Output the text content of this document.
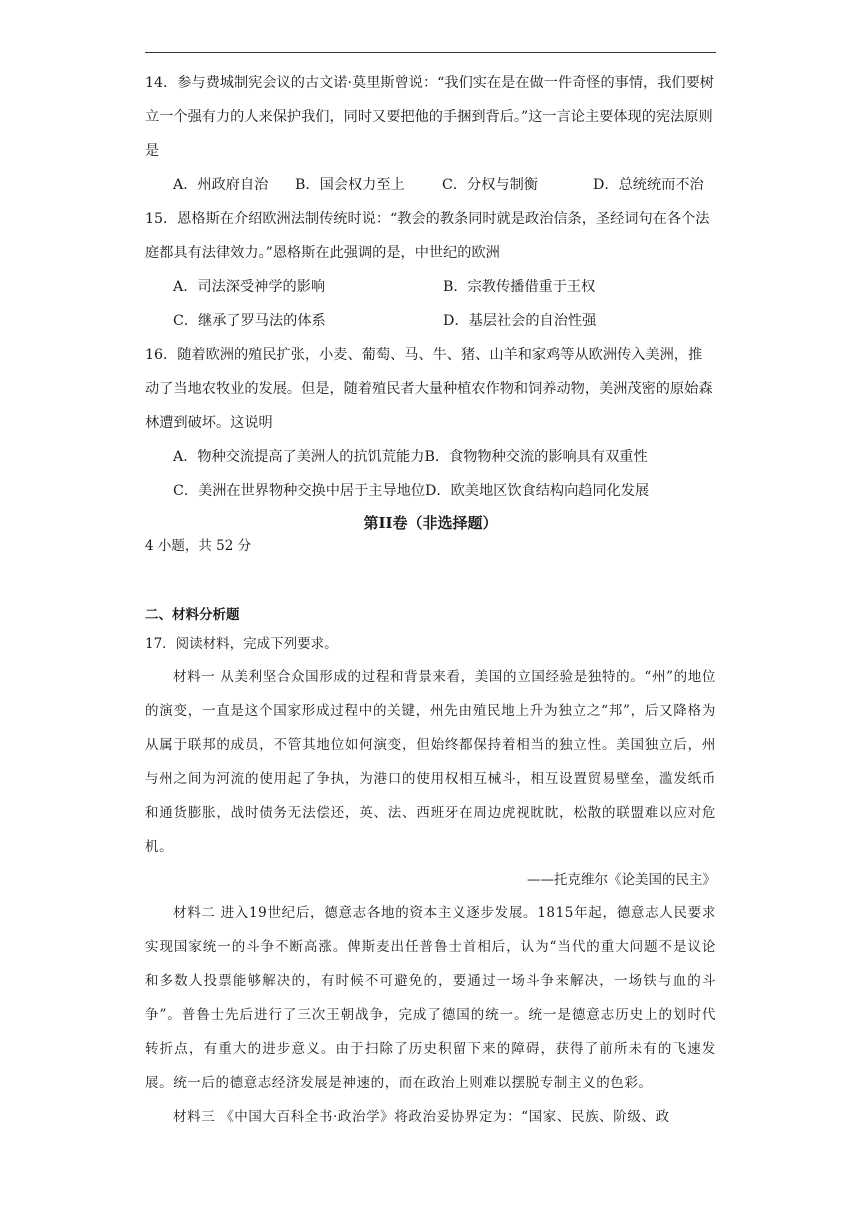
14．参与费城制宪会议的古文诺·莫里斯曾说：“我们实在是在做一件奇怪的事情，我们要树立一个强有力的人来保护我们，同时又要把他的手捆到背后。”这一言论主要体现的宪法原则是

A．州政府自治	B．国会权力至上	C．分权与制衡	D．总统统而不治

15．恩格斯在介绍欧洲法制传统时说：“教会的教条同时就是政治信条，圣经词句在各个法庭都具有法律效力。”恩格斯在此强调的是，中世纪的欧洲

A．司法深受神学的影响	B．宗教传播借重于王权
C．继承了罗马法的体系	D．基层社会的自治性强

16．随着欧洲的殖民扩张，小麦、葡萄、马、牛、猪、山羊和家鸡等从欧洲传入美洲，推动了当地农牧业的发展。但是，随着殖民者大量种植农作物和饲养动物，美洲茂密的原始森林遭到破坏。这说明

A．物种交流提高了美洲人的抗饥荒能力 B．食物物种交流的影响具有双重性
C．美洲在世界物种交换中居于主导地位 D．欧美地区饮食结构向趋同化发展
第II卷（非选择题）
4 小题，共 52 分
二、材料分析题
17．阅读材料，完成下列要求。

材料一 从美利坚合众国形成的过程和背景来看，美国的立国经验是独特的。“州”的地位的演变，一直是这个国家形成过程中的关键，州先由殖民地上升为独立之“邦”，后又降格为从属于联邦的成员，不管其地位如何演变，但始终都保持着相当的独立性。美国独立后，州与州之间为河流的使用起了争执，为港口的使用权相互械斗，相互设置贸易壁垒，滥发纸币和通货膨胀，战时债务无法偿还，英、法、西班牙在周边虎视眈眈，松散的联盟难以应对危机。

——托克维尔《论美国的民主》

材料二 进入19世纪后，德意志各地的资本主义逐步发展。1815年起，德意志人民要求实现国家统一的斗争不断高涨。俾斯麦出任普鲁士首相后，认为“当代的重大问题不是议论和多数人投票能够解决的，有时候不可避免的，要通过一场斗争来解决，一场铁与血的斗争”。普鲁士先后进行了三次王朝战争，完成了德国的统一。统一是德意志历史上的划时代转折点，有重大的进步意义。由于扫除了历史积留下来的障碍，获得了前所未有的飞速发展。统一后的德意志经济发展是神速的，而在政治上则难以摆脱专制主义的色彩。

材料三 《中国大百科全书·政治学》将政治妥协界定为：“国家、民族、阶级、政
